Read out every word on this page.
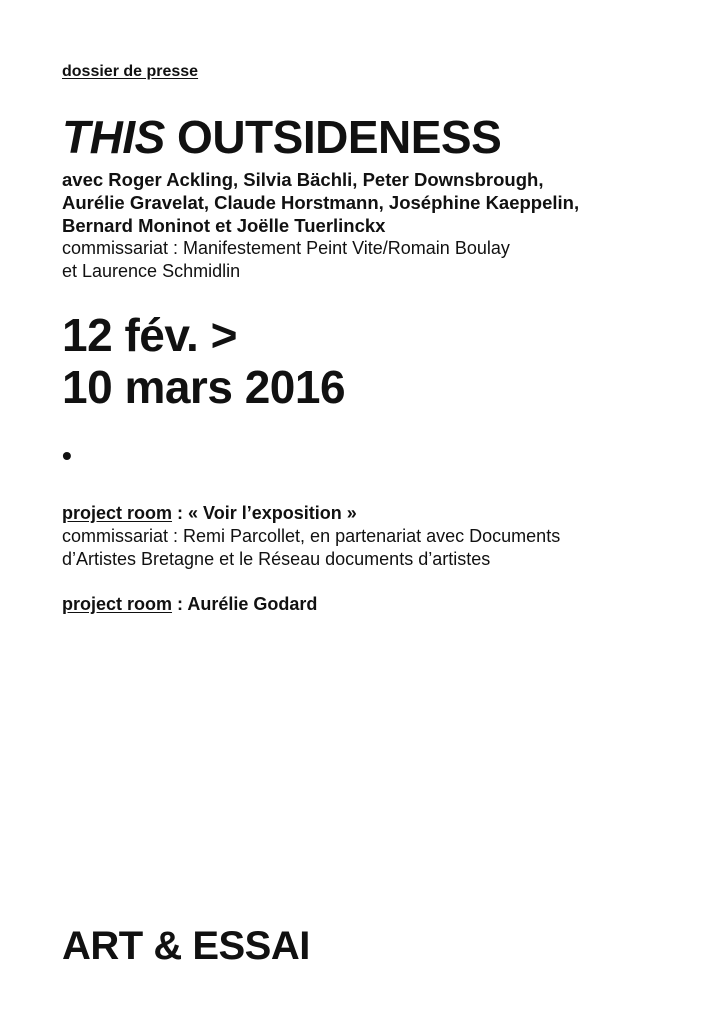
dossier de presse
THIS OUTSIDENESS
avec Roger Ackling, Silvia Bächli, Peter Downsbrough,
Aurélie Gravelat, Claude Horstmann, Joséphine Kaeppelin,
Bernard Moninot et Joëlle Tuerlinckx
commissariat : Manifestement Peint Vite/Romain Boulay
et Laurence Schmidlin
12 fév. >
10 mars 2016
•
project room : « Voir l’exposition »
commissariat : Remi Parcollet, en partenariat avec Documents
d’Artistes Bretagne et le Réseau documents d’artistes
project room : Aurélie Godard
ART & ESSAI
